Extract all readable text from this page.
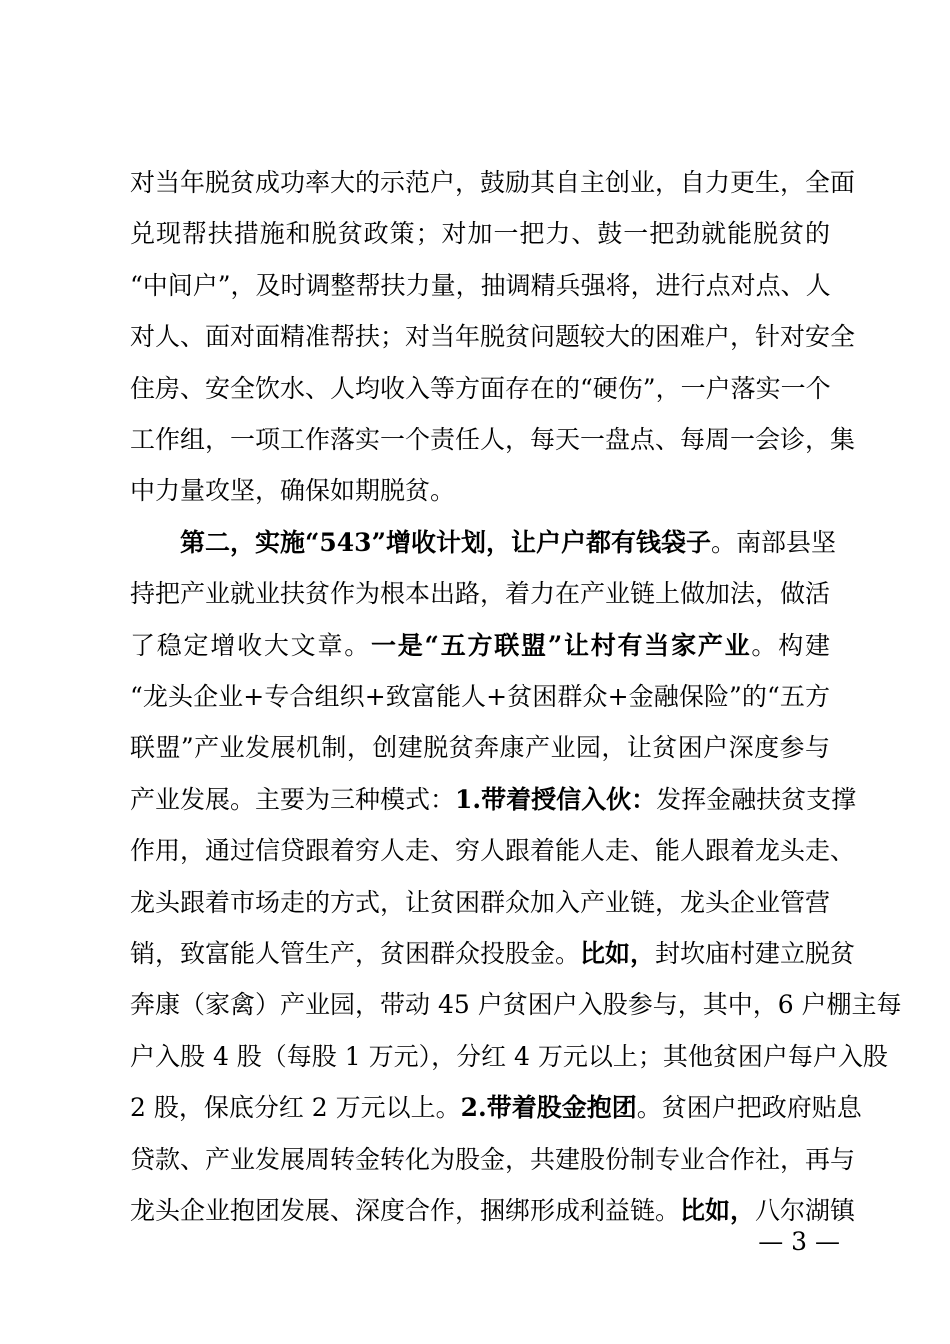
对当年脱贫成功率大的示范户，鼓励其自主创业，自力更生，全面
兑现帮扶措施和脱贫政策；对加一把力、鼓一把劲就能脱贫的
“中间户”，及时调整帮扶力量，抽调精兵强将，进行点对点、人
对人、面对面精准帮扶；对当年脱贫问题较大的困难户，针对安全
住房、安全饮水、人均收入等方面存在的“硬伤”，一户落实一个
工作组，一项工作落实一个责任人，每天一盘点、每周一会诊，集
中力量攻坚，确保如期脱贫。
第二，实施“543”增收计划，让户户都有钱袋子。南部县坚
持把产业就业扶贫作为根本出路，着力在产业链上做加法，做活
了稳定增收大文章。一是“五方联盟”让村有当家产业。构建
“龙头企业+专合组织+致富能人+贫困群众+金融保险”的“五方
联盟”产业发展机制，创建脱贫奔康产业园，让贫困户深度参与
产业发展。主要为三种模式：1.带着授信入伙：发挥金融扶贫支撑
作用，通过信贷跟着穷人走、穷人跟着能人走、能人跟着龙头走、
龙头跟着市场走的方式，让贫困群众加入产业链，龙头企业管营
销，致富能人管生产，贫困群众投股金。比如，封坎庙村建立脱贫
奔康（家禽）产业园，带动 45 户贫困户入股参与，其中，6 户棚主每
户入股 4 股（每股 1 万元），分红 4 万元以上；其他贫困户每户入股
2 股，保底分红 2 万元以上。2.带着股金抱团。贫困户把政府贴息
贷款、产业发展周转金转化为股金，共建股份制专业合作社，再与
龙头企业抱团发展、深度合作，捆绑形成利益链。比如，八尔湖镇
— 3 —
